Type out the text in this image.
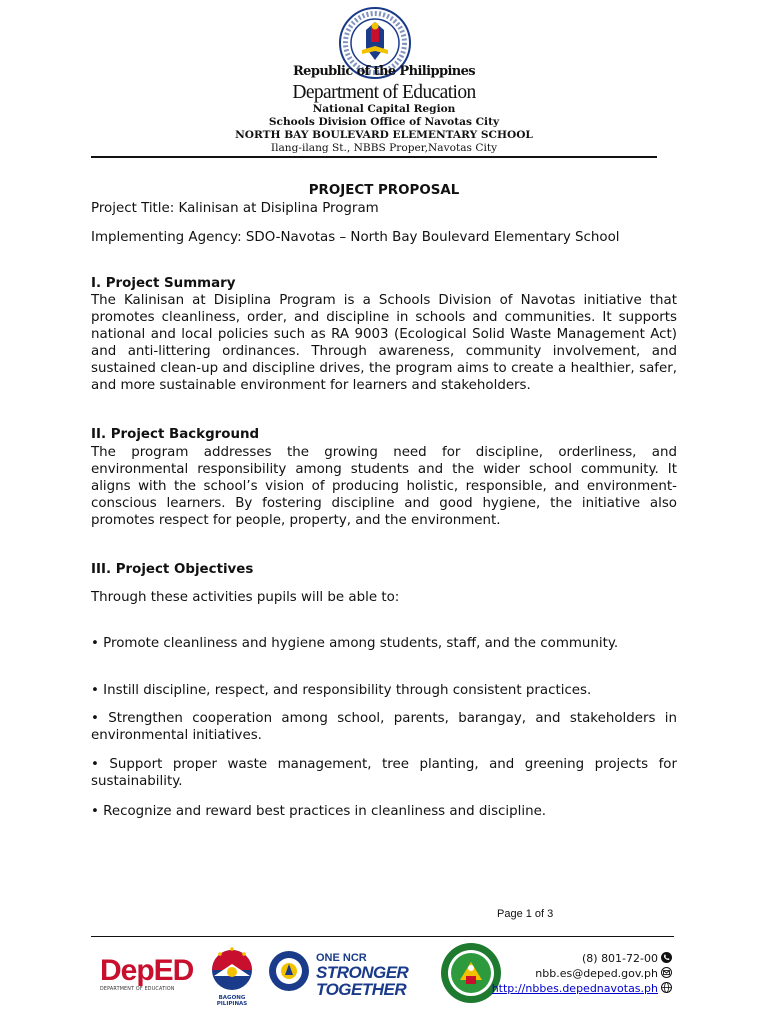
Republic of the Philippines
Department of Education
National Capital Region
Schools Division Office of Navotas City
NORTH BAY BOULEVARD ELEMENTARY SCHOOL
Ilang-ilang St., NBBS Proper,Navotas City
PROJECT PROPOSAL
Project Title: Kalinisan at Disiplina Program
Implementing Agency: SDO-Navotas – North Bay Boulevard Elementary School
I. Project Summary
The Kalinisan at Disiplina Program is a Schools Division of Navotas initiative that promotes cleanliness, order, and discipline in schools and communities. It supports national and local policies such as RA 9003 (Ecological Solid Waste Management Act) and anti-littering ordinances. Through awareness, community involvement, and sustained clean-up and discipline drives, the program aims to create a healthier, safer, and more sustainable environment for learners and stakeholders.
II. Project Background
The program addresses the growing need for discipline, orderliness, and environmental responsibility among students and the wider school community. It aligns with the school’s vision of producing holistic, responsible, and environment-conscious learners. By fostering discipline and good hygiene, the initiative also promotes respect for people, property, and the environment.
III. Project Objectives
Through these activities pupils will be able to:
• Promote cleanliness and hygiene among students, staff, and the community.
• Instill discipline, respect, and responsibility through consistent practices.
• Strengthen cooperation among school, parents, barangay, and stakeholders in environmental initiatives.
• Support proper waste management, tree planting, and greening projects for sustainability.
• Recognize and reward best practices in cleanliness and discipline.
Page 1 of 3
DepED
DEPARTMENT OF EDUCATION
BAGONG PILIPINAS
ONE NCR
STRONGER
TOGETHER
(8) 801-72-00
nbb.es@deped.gov.ph
http://nbbes.depednavotas.ph
